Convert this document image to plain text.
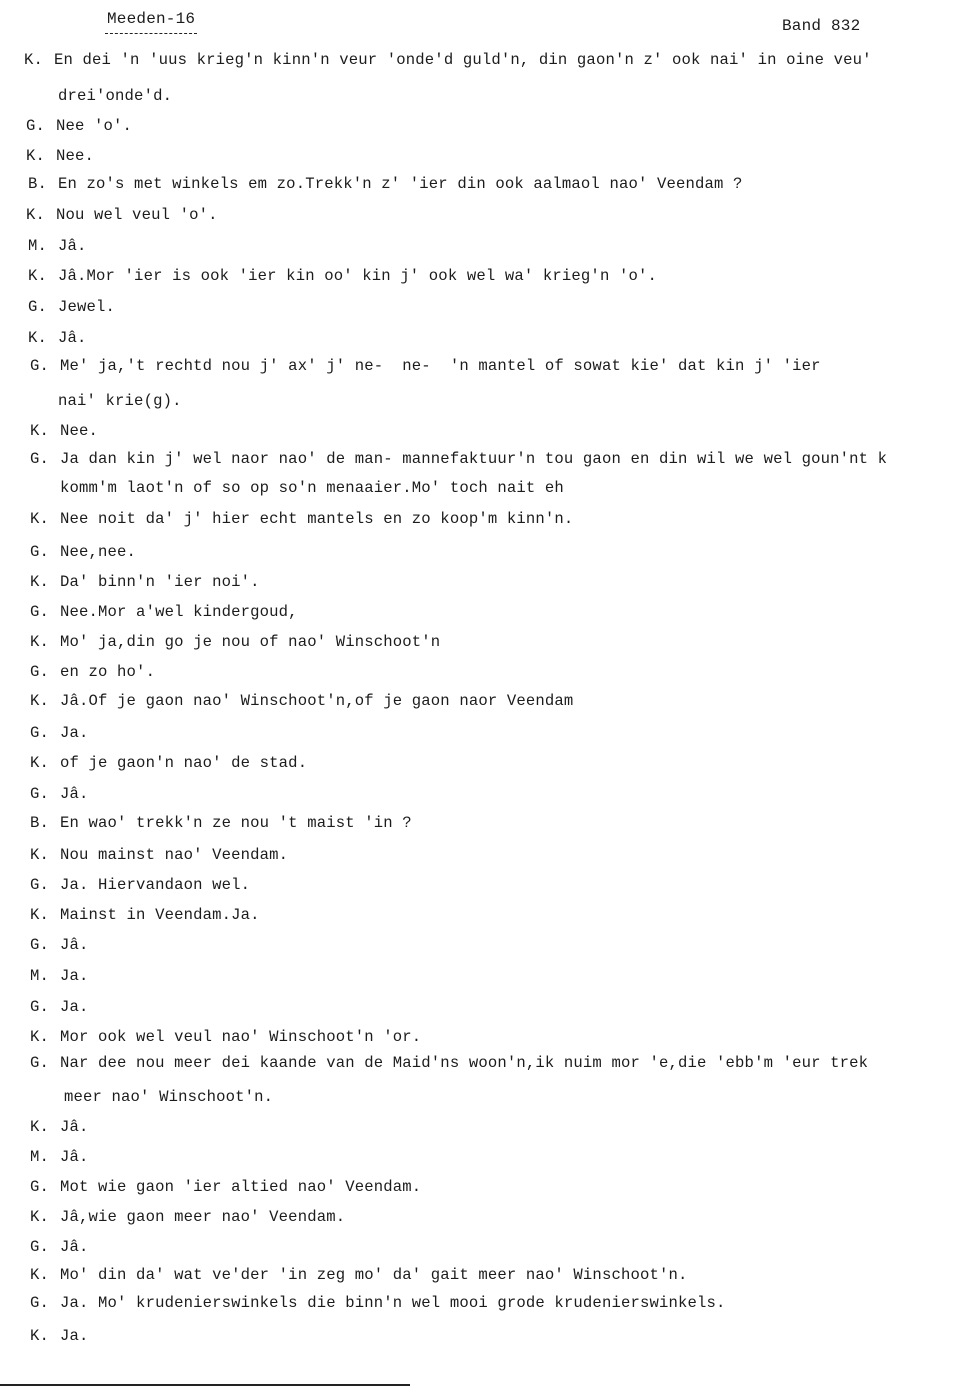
Meeden-16	Band 832
K. En dei 'n 'uus krieg'n kinn'n veur 'onde'd guld'n, din gaon'n z' ook nai' in oine veu'
drei'onde'd.
G. Nee 'o'.
K. Nee.
B. En zo's met winkels em zo.Trekk'n z' 'ier din ook aalmaol nao' Veendam ?
K. Nou wel veul 'o'.
M. Jâ.
K. Jâ.Mor 'ier is ook 'ier kin oo' kin j' ook wel wa' krieg'n 'o'.
G. Jewel.
K. Jâ.
G. Me' ja,'t rechtd nou j' ax' j' ne-  ne-  'n mantel of sowat kie' dat kin j' 'ier
nai' krie(g).
K. Nee.
G. Ja dan kin j' wel naor nao' de man- mannefaktuur'n tou gaon en din wil we wel goun'nt k
komm'm laot'n of so op so'n menaaier.Mo' toch nait eh
K. Nee noit da' j' hier echt mantels en zo koop'm kinn'n.
G. Nee,nee.
K. Da' binn'n 'ier noi'.
G. Nee.Mor a'wel kindergoud,
K. Mo' ja,din go je nou of nao' Winschoot'n
G. en zo ho'.
K. Jâ.Of je gaon nao' Winschoot'n,of je gaon naor Veendam
G. Ja.
K. of je gaon'n nao' de stad.
G. Jâ.
B. En wao' trekk'n ze nou 't maist 'in ?
K. Nou mainst nao' Veendam.
G. Ja. Hiervandaon wel.
K. Mainst in Veendam.Ja.
G. Jâ.
M. Ja.
G. Ja.
K. Mor ook wel veul nao' Winschoot'n 'or.
G. Nar dee nou meer dei kaande van de Maid'ns woon'n,ik nuim mor 'e,die 'ebb'm 'eur trek
meer nao' Winschoot'n.
K. Jâ.
M. Jâ.
G. Mot wie gaon 'ier altied nao' Veendam.
K. Jâ,wie gaon meer nao' Veendam.
G. Jâ.
K. Mo' din da' wat ve'der 'in zeg mo' da' gait meer nao' Winschoot'n.
G. Ja. Mo' krudenierswinkels die binn'n wel mooi grode krudenierswinkels.
K. Ja.
